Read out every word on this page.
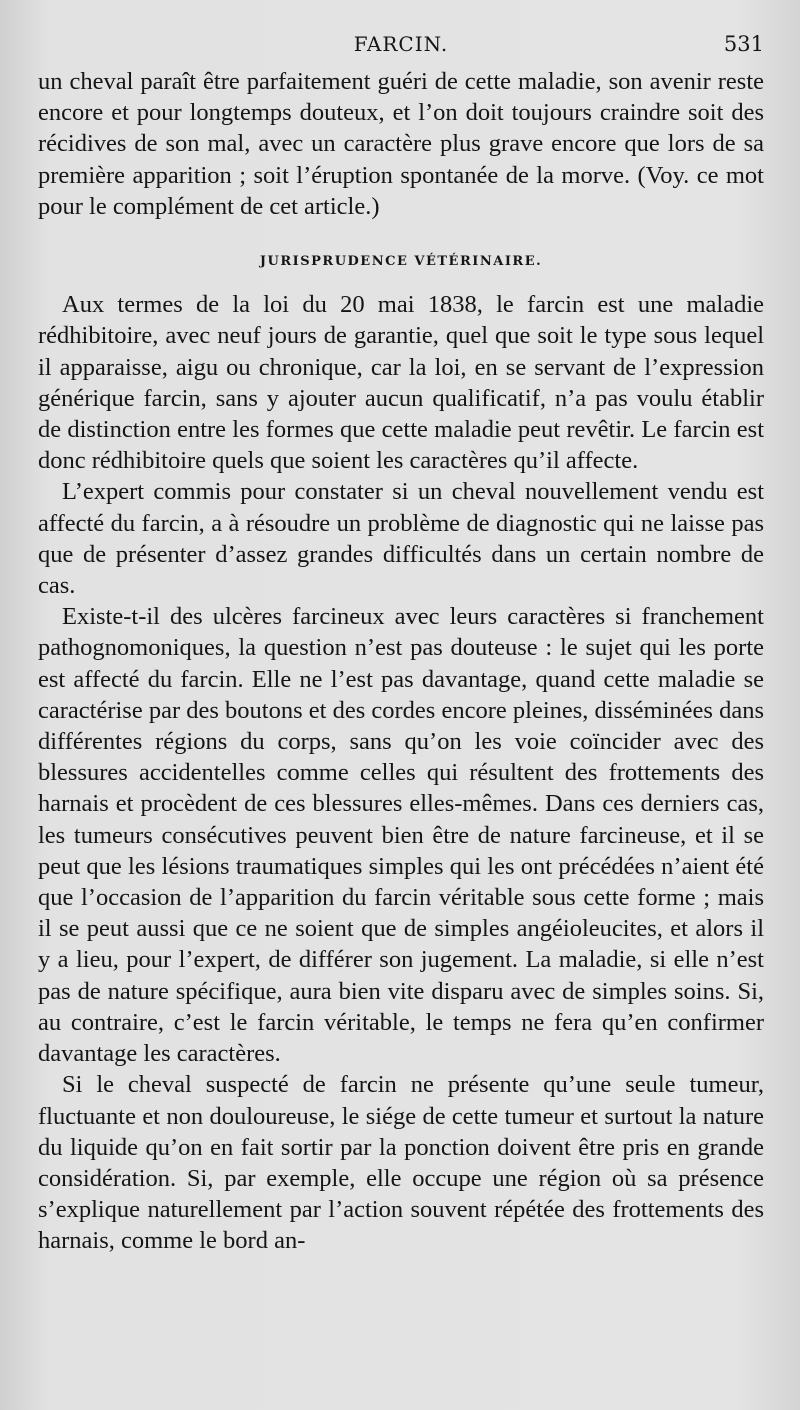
FARCIN.	531

un cheval paraît être parfaitement guéri de cette maladie, son avenir reste encore et pour longtemps douteux, et l’on doit toujours craindre soit des récidives de son mal, avec un caractère plus grave encore que lors de sa première apparition ; soit l’éruption spontanée de la morve. (Voy. ce mot pour le complément de cet article.)

JURISPRUDENCE VÉTÉRINAIRE.

Aux termes de la loi du 20 mai 1838, le farcin est une maladie rédhibitoire, avec neuf jours de garantie, quel que soit le type sous lequel il apparaisse, aigu ou chronique, car la loi, en se servant de l’expression générique farcin, sans y ajouter aucun qualificatif, n’a pas voulu établir de distinction entre les formes que cette maladie peut revêtir. Le farcin est donc rédhibitoire quels que soient les caractères qu’il affecte.

L’expert commis pour constater si un cheval nouvellement vendu est affecté du farcin, a à résoudre un problème de diagnostic qui ne laisse pas que de présenter d’assez grandes difficultés dans un certain nombre de cas.

Existe-t-il des ulcères farcineux avec leurs caractères si franchement pathognomoniques, la question n’est pas douteuse : le sujet qui les porte est affecté du farcin. Elle ne l’est pas davantage, quand cette maladie se caractérise par des boutons et des cordes encore pleines, disséminées dans différentes régions du corps, sans qu’on les voie coïncider avec des blessures accidentelles comme celles qui résultent des frottements des harnais et procèdent de ces blessures elles-mêmes. Dans ces derniers cas, les tumeurs consécutives peuvent bien être de nature farcineuse, et il se peut que les lésions traumatiques simples qui les ont précédées n’aient été que l’occasion de l’apparition du farcin véritable sous cette forme ; mais il se peut aussi que ce ne soient que de simples angéioleucites, et alors il y a lieu, pour l’expert, de différer son jugement. La maladie, si elle n’est pas de nature spécifique, aura bien vite disparu avec de simples soins. Si, au contraire, c’est le farcin véritable, le temps ne fera qu’en confirmer davantage les caractères.

Si le cheval suspecté de farcin ne présente qu’une seule tumeur, fluctuante et non douloureuse, le siége de cette tumeur et surtout la nature du liquide qu’on en fait sortir par la ponction doivent être pris en grande considération. Si, par exemple, elle occupe une région où sa présence s’explique naturellement par l’action souvent répétée des frottements des harnais, comme le bord an-
